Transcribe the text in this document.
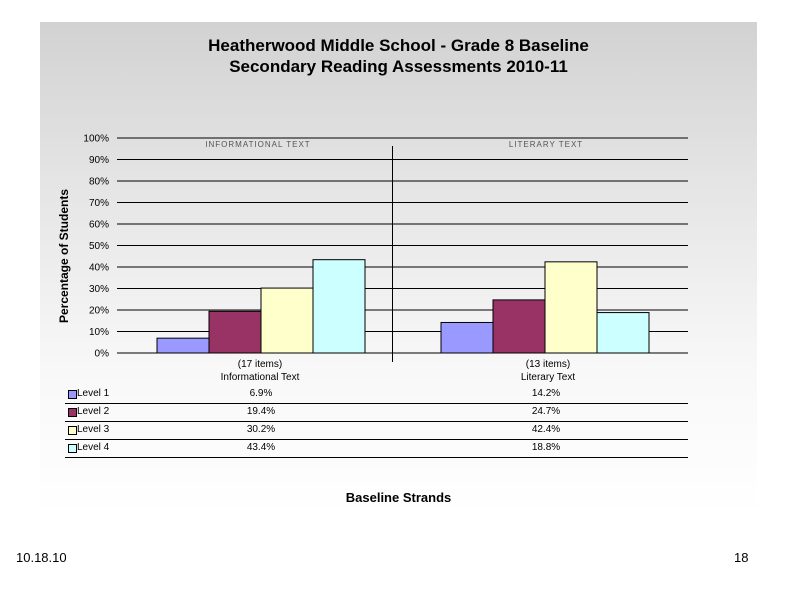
Heatherwood Middle School - Grade 8 Baseline
Secondary Reading Assessments 2010-11
Percentage of Students
0%
10%
20%
30%
40%
50%
60%
70%
80%
90%
100%	INFORMATIONAL TEXT	LITERARY TEXT
(17 items)
Informational Text
(13 items)
Literary Text
Level 1	6.9%	14.2%
Level 2	19.4%	24.7%
Level 3	30.2%	42.4%
Level 4	43.4%	18.8%
Baseline Strands
10.18.10	18
